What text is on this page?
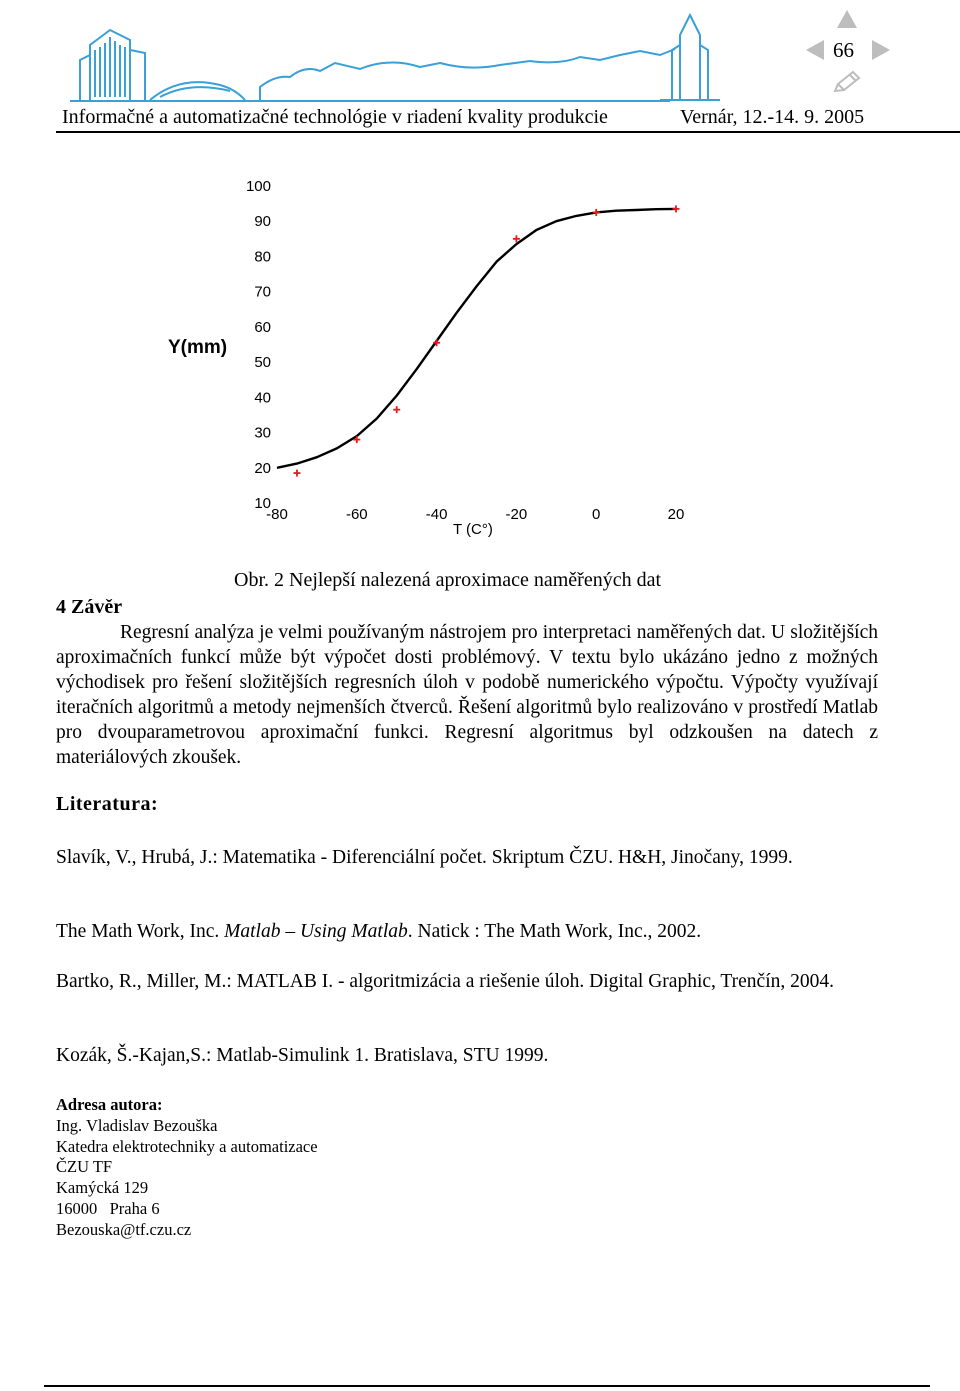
66
Informačné a automatizačné technológie v riadení kvality produkcie	Vernár, 12.-14. 9. 2005
10
20
30
40
50
60
70
80
90
100
-80	-60	-40	-20	0	20
Y(mm)
T (C°)
Obr. 2 Nejlepší nalezená aproximace naměřených dat
4 Závěr
Regresní analýza je velmi používaným nástrojem pro interpretaci naměřených dat. U složitějších aproximačních funkcí může být výpočet dosti problémový. V textu bylo ukázáno jedno z možných východisek pro řešení složitějších regresních úloh v podobě numerického výpočtu. Výpočty využívají iteračních algoritmů a metody nejmenších čtverců. Řešení algoritmů bylo realizováno v prostředí Matlab pro dvouparametrovou aproximační funkci. Regresní algoritmus byl odzkoušen na datech z materiálových zkoušek.
Literatura:
Slavík, V., Hrubá, J.: Matematika - Diferenciální počet. Skriptum ČZU. H&H, Jinočany, 1999.
The Math Work, Inc. Matlab – Using Matlab. Natick : The Math Work, Inc., 2002.
Bartko, R., Miller, M.: MATLAB I. - algoritmizácia a riešenie úloh. Digital Graphic, Trenčín, 2004.
Kozák, Š.-Kajan,S.: Matlab-Simulink 1. Bratislava, STU 1999.
Adresa autora:
Ing. Vladislav Bezouška
Katedra elektrotechniky a automatizace
ČZU TF
Kamýcká 129
16000   Praha 6
Bezouska@tf.czu.cz
